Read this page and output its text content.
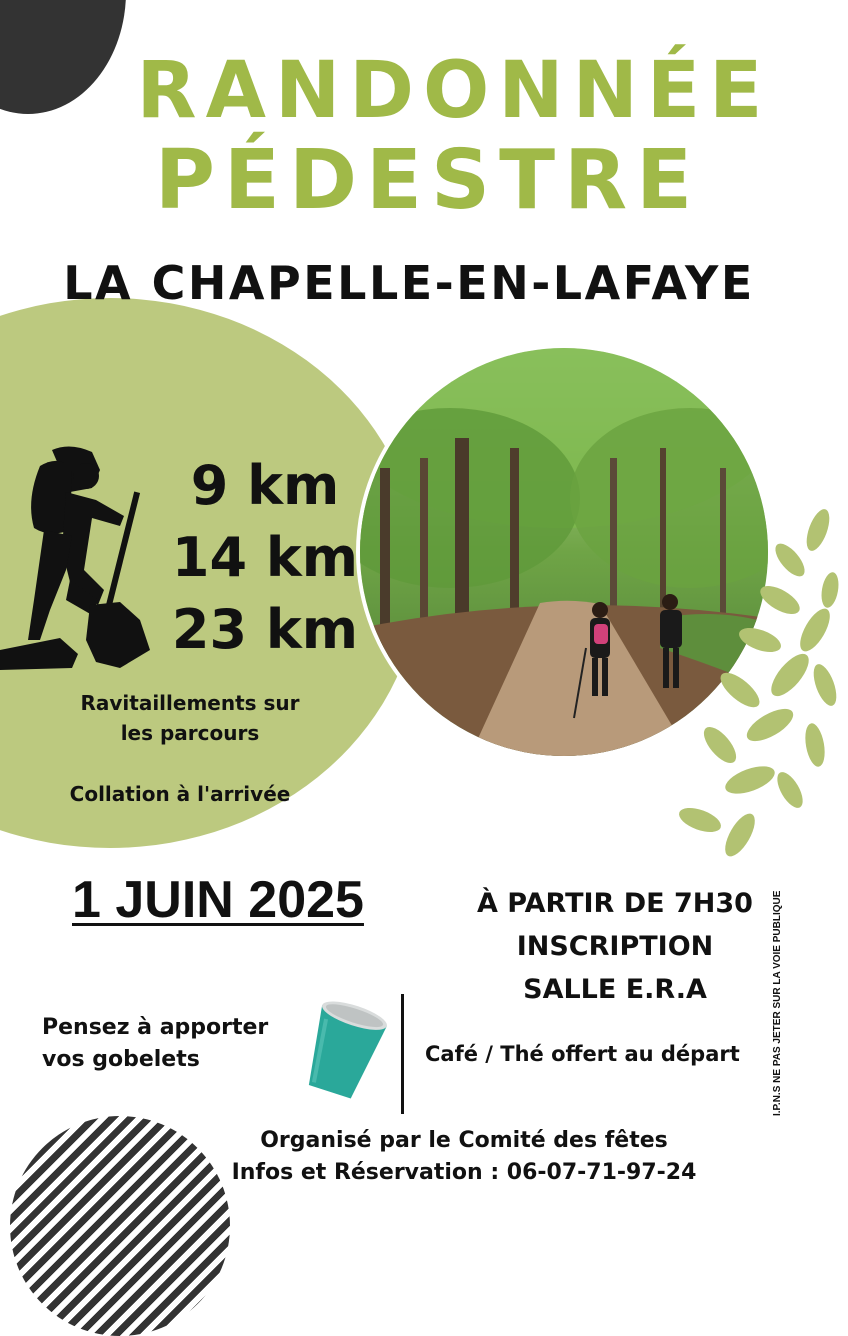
RANDONNÉE
PÉDESTRE
LA CHAPELLE-EN-LAFAYE
9 km
14 km
23 km
Ravitaillements sur
les parcours
Collation à l'arrivée
1 JUIN 2025	À PARTIR DE 7H30
INSCRIPTION
SALLE E.R.A
Pensez à apporter
vos gobelets	Café / Thé offert au départ
Organisé par le Comité des fêtes
Infos et Réservation : 06-07-71-97-24
I.P.N.S NE PAS JETER SUR LA VOIE PUBLIQUE
